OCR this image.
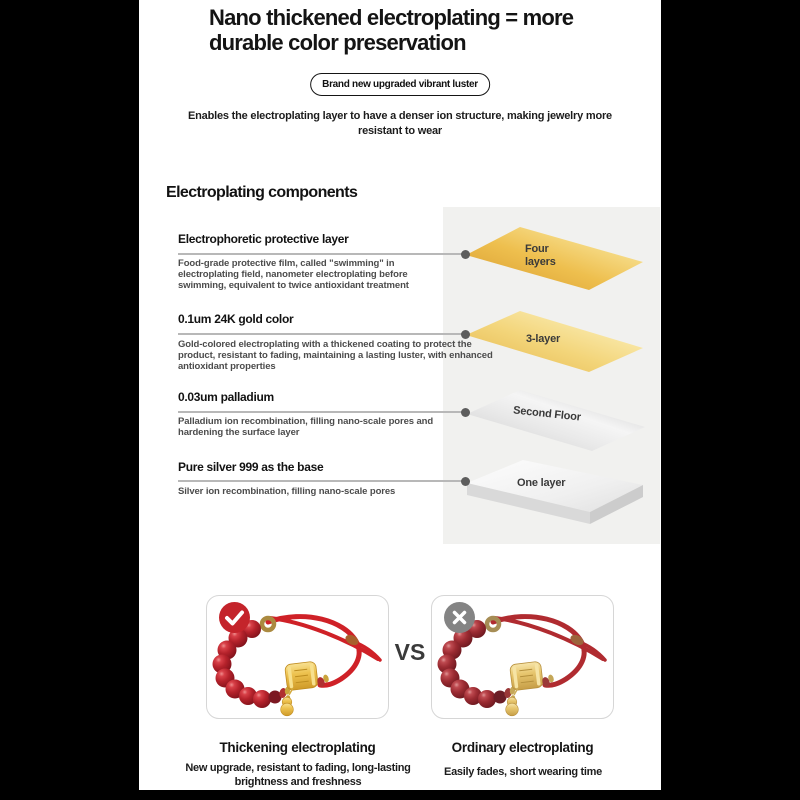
Nano thickened electroplating = more durable color preservation
Brand new upgraded vibrant luster
Enables the electroplating layer to have a denser ion structure, making jewelry more resistant to wear
Electroplating components
Four layers
3-layer
Second Floor
One layer
Electrophoretic protective layer
Food-grade protective film, called "swimming" in electroplating field, nanometer electroplating before swimming, equivalent to twice antioxidant treatment
0.1um 24K gold color
Gold-colored electroplating with a thickened coating to protect the product, resistant to fading, maintaining a lasting luster, with enhanced antioxidant properties
0.03um palladium
Palladium ion recombination, filling nano-scale pores and hardening the surface layer
Pure silver 999 as the base
Silver ion recombination, filling nano-scale pores
VS
Thickening electroplating
New upgrade, resistant to fading, long-lasting brightness and freshness
Ordinary electroplating
Easily fades, short wearing time
